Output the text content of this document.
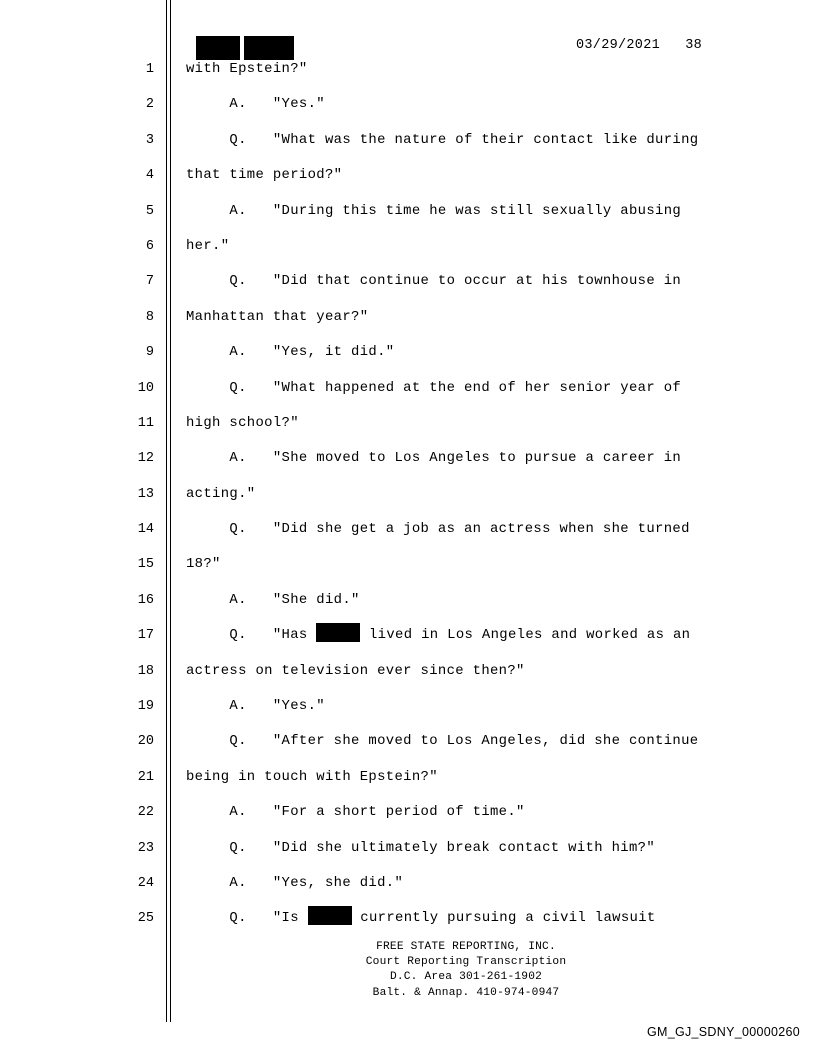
03/29/2021   38
1 with Epstein?"
2 A.   "Yes."
3 Q.   "What was the nature of their contact like during
4 that time period?"
5 A.   "During this time he was still sexually abusing
6 her."
7 Q.   "Did that continue to occur at his townhouse in
8 Manhattan that year?"
9 A.   "Yes, it did."
10 Q.   "What happened at the end of her senior year of
11 high school?"
12 A.   "She moved to Los Angeles to pursue a career in
13 acting."
14 Q.   "Did she get a job as an actress when she turned
15 18?"
16 A.   "She did."
17 Q.   "Has	lived in Los Angeles and worked as an
18 actress on television ever since then?"
19 A.   "Yes."
20 Q.   "After she moved to Los Angeles, did she continue
21 being in touch with Epstein?"
22 A.   "For a short period of time."
23 Q.   "Did she ultimately break contact with him?"
24 A.   "Yes, she did."
25 Q.   "Is	currently pursuing a civil lawsuit
FREE STATE REPORTING, INC.
Court Reporting Transcription
D.C. Area 301-261-1902
Balt. & Annap. 410-974-0947
GM_GJ_SDNY_00000260
